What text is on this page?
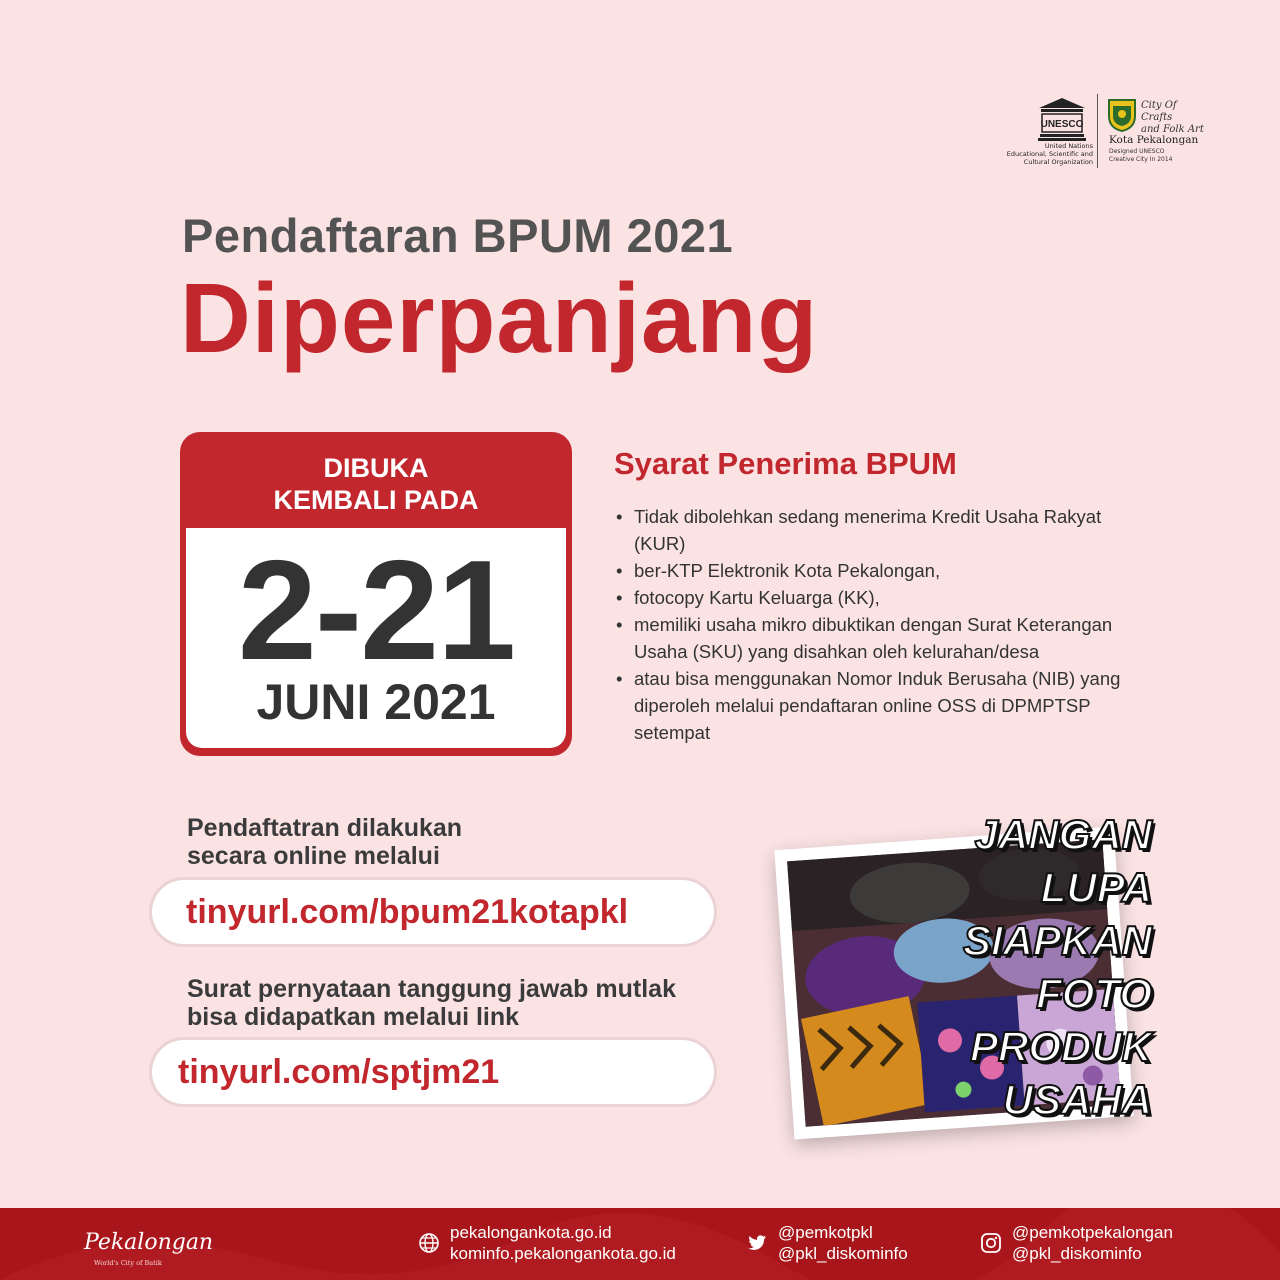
UNESCO
United Nations
Educational, Scientific and
Cultural Organization
City Of Crafts
and Folk Art
Kota Pekalongan
Designed UNESCO
Creative City In 2014
Pendaftaran BPUM 2021
Diperpanjang
DIBUKA
KEMBALI PADA
2-21
JUNI 2021
Syarat Penerima BPUM
• Tidak dibolehkan sedang menerima Kredit Usaha Rakyat (KUR)
• ber-KTP Elektronik Kota Pekalongan,
• fotocopy Kartu Keluarga (KK),
• memiliki usaha mikro dibuktikan dengan Surat Keterangan Usaha (SKU) yang disahkan oleh kelurahan/desa
• atau bisa menggunakan Nomor Induk Berusaha (NIB) yang diperoleh melalui pendaftaran online OSS di DPMPTSP setempat
Pendaftatran dilakukan
secara online melalui
tinyurl.com/bpum21kotapkl
Surat pernyataan tanggung jawab mutlak
bisa didapatkan melalui link
tinyurl.com/sptjm21
JANGAN
LUPA
SIAPKAN
FOTO
PRODUK
USAHA
Pekalongan
World's City of Batik
pekalongankota.go.id
kominfo.pekalongankota.go.id
@pemkotpkl
@pkl_diskominfo
@pemkotpekalongan
@pkl_diskominfo
